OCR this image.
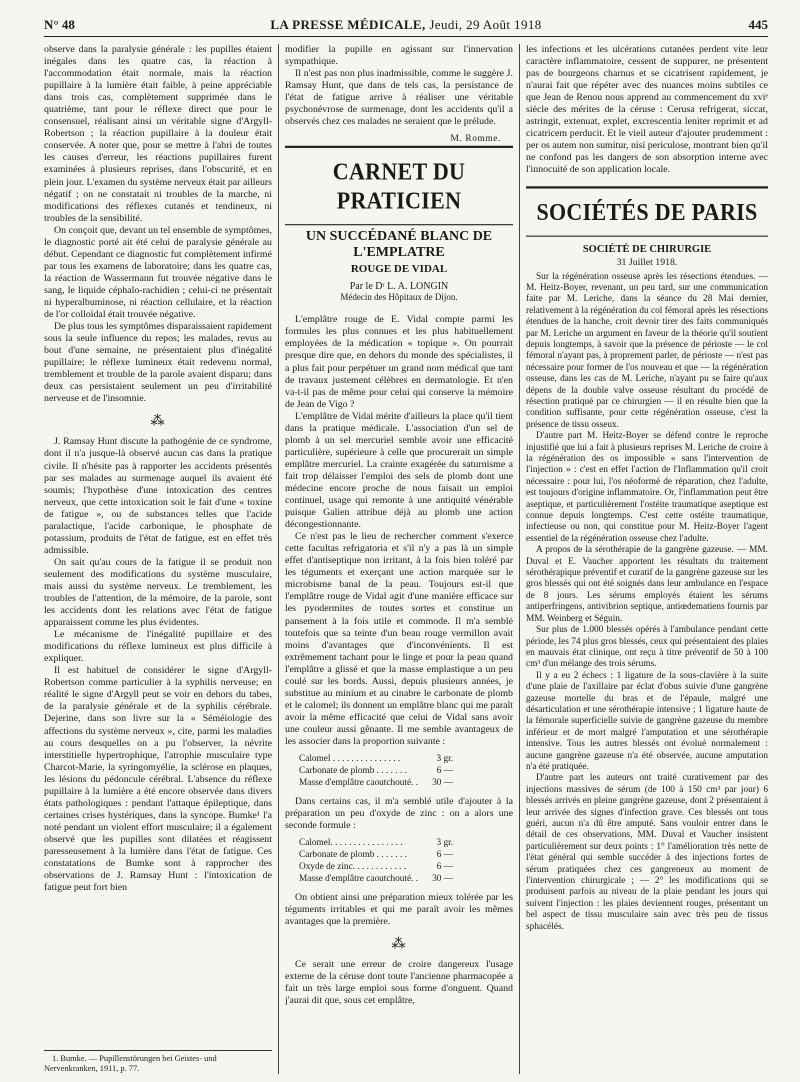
N° 48	LA PRESSE MÉDICALE, Jeudi, 29 Août 1918	445

observe dans la paralysie générale : les pupilles étaient inégales dans les quatre cas, la réaction à l'accommodation était normale, mais la réaction pupillaire à la lumière était faible, à peine appréciable dans trois cas, complètement supprimée dans le quatrième, tant pour le réflexe direct que pour le consensuel, réalisant ainsi un véritable signe d'Argyll-Robertson ; la réaction pupillaire à la douleur était conservée. A noter que, pour se mettre à l'abri de toutes les causes d'erreur, les réactions pupillaires furent examinées à plusieurs reprises, dans l'obscurité, et en plein jour. L'examen du système nerveux était par ailleurs négatif ; on ne constatait ni troubles de la marche, ni modifications des réflexes cutanés et tendineux, ni troubles de la sensibilité.

On conçoit que, devant un tel ensemble de symptômes, le diagnostic porté ait été celui de paralysie générale au début. Cependant ce diagnostic fut complètement infirmé par tous les examens de laboratoire; dans les quatre cas, la réaction de Wassermann fut trouvée négative dans le sang, le liquide céphalo-rachidien ; celui-ci ne présentait ni hyperalbuminose, ni réaction cellulaire, et la réaction de l'or colloïdal était trouvée négative.

De plus tous les symptômes disparaissaient rapidement sous la seule influence du repos; les malades, revus au bout d'une semaine, ne présentaient plus d'inégalité pupillaire; le réflexe lumineux était redevenu normal, tremblement et trouble de la parole avaient disparu; dans deux cas persistaient seulement un peu d'irritabilité nerveuse et de l'insomnie.

⁂

J. Ramsay Hunt discute la pathogénie de ce syndrome, dont il n'a jusque-là observé aucun cas dans la pratique civile. Il n'hésite pas à rapporter les accidents présentés par ses malades au surmenage auquel ils avaient été soumis; l'hypothèse d'une intoxication des centres nerveux, que cette intoxication soit le fait d'une « toxine de fatigue », ou de substances telles que l'acide paralactique, l'acide carbonique, le phosphate de potassium, produits de l'état de fatigue, est en effet très admissible.

On sait qu'au cours de la fatigue il se produit non seulement des modifications du système musculaire, mais aussi du système nerveux. Le tremblement, les troubles de l'attention, de la mémoire, de la parole, sont les accidents dont les relations avec l'état de fatigue apparaissent comme les plus évidentes.

Le mécanisme de l'inégalité pupillaire et des modifications du réflexe lumineux est plus difficile à expliquer.

Il est habituel de considérer le signe d'Argyll-Robertson comme particulier à la syphilis nerveuse; en réalité le signe d'Argyll peut se voir en dehors du tabes, de la paralysie générale et de la syphilis cérébrale. Dejerine, dans son livre sur la « Séméiologie des affections du système nerveux », cite, parmi les maladies au cours desquelles on a pu l'observer, la névrite interstitielle hypertrophique, l'atrophie musculaire type Charcot-Marie, la syringomyélie, la sclérose en plaques, les lésions du pédoncule cérébral. L'absence du réflexe pupillaire à la lumière a été encore observée dans divers états pathologiques : pendant l'attaque épileptique, dans certaines crises hystériques, dans la syncope. Bumke¹ l'a noté pendant un violent effort musculaire; il a également observé que les pupilles sont dilatées et réagissent paresseusement à la lumière dans l'état de fatigue. Ces constatations de Bumke sont à rapprocher des observations de J. Ramsay Hunt : l'intoxication de fatigue peut fort bien

1. Bumke. — Pupillenstörungen bei Geistes- und Nervenkranken, 1911, p. 77.

modifier la pupille en agissant sur l'innervation sympathique.

Il n'est pas non plus inadmissible, comme le suggère J. Ramsay Hunt, que dans de tels cas, la persistance de l'état de fatigue arrive à réaliser une véritable psychonévrose de surmenage, dont les accidents qu'il a observés chez ces malades ne seraient que le prélude.

M. Romme.
CARNET DU PRATICIEN
UN SUCCÉDANÉ BLANC DE L'EMPLATRE
ROUGE DE VIDAL
Par le Dʳ L. A. LONGIN
Médecin des Hôpitaux de Dijon.

L'emplâtre rouge de E. Vidal compte parmi les formules les plus connues et les plus habituellement employées de la médication « topique ». On pourrait presque dire que, en dehors du monde des spécialistes, il a plus fait pour perpétuer un grand nom médical que tant de travaux justement célèbres en dermatologie. Et n'en va-t-il pas de même pour celui qui conserve la mémoire de Jean de Vigo ?

L'emplâtre de Vidal mérite d'ailleurs la place qu'il tient dans la pratique médicale. L'association d'un sel de plomb à un sel mercuriel semble avoir une efficacité particulière, supérieure à celle que procurerait un simple emplâtre mercuriel. La crainte exagérée du saturnisme a fait trop délaisser l'emploi des sels de plomb dont une médecine encore proche de nous faisait un emploi continuel, usage qui remonte à une antiquité vénérable puisque Galien attribue déjà au plomb une action décongestionnante.

Ce n'est pas le lieu de rechercher comment s'exerce cette facultas refrigatoria et s'il n'y a pas là un simple effet d'antiseptique non irritant, à la fois bien toléré par les téguments et exerçant une action marquée sur le microbisme banal de la peau. Toujours est-il que l'emplâtre rouge de Vidal agit d'une manière efficace sur les pyodermites de toutes sortes et constitue un pansement à la fois utile et commode. Il m'a semblé toutefois que sa teinte d'un beau rouge vermillon avait moins d'avantages que d'inconvénients. Il est extrêmement tachant pour le linge et pour la peau quand l'emplâtre a glissé et que la masse emplastique a un peu coulé sur les bords. Aussi, depuis plusieurs années, je substitue au minium et au cinabre le carbonate de plomb et le calomel; ils donnent un emplâtre blanc qui me paraît avoir la même efficacité que celui de Vidal sans avoir une couleur aussi gênante. Il me semble avantageux de les associer dans la proportion suivante :

Calomel . . . . . . . . . . . . . . .	3 gr.
Carbonate de plomb . . . . . . .	6 —
Masse d'emplâtre caoutchouté. .	30 —

Dans certains cas, il m'a semblé utile d'ajouter à la préparation un peu d'oxyde de zinc : on a alors une seconde formule :

Calomel. . . . . . . . . . . . . . . .	3 gr.
Carbonate de plomb . . . . . . .	6 —
Oxyde de zinc. . . . . . . . . . . .	6 —
Masse d'emplâtre caoutchouté. .	30 —

On obtient ainsi une préparation mieux tolérée par les téguments irritables et qui me paraît avoir les mêmes avantages que la première.

⁂

Ce serait une erreur de croire dangereux l'usage externe de la céruse dont toute l'ancienne pharmacopée a fait un très large emploi sous forme d'onguent. Quand j'aurai dit que, sous cet emplâtre,

les infections et les ulcérations cutanées perdent vite leur caractère inflammatoire, cessent de suppurer, ne présentent pas de bourgeons charnus et se cicatrisent rapidement, je n'aurai fait que répéter avec des nuances moins subtiles ce que Jean de Renou nous apprend au commencement du xviᵉ siècle des mérites de la céruse : Cerusa refrigerat, siccat, astringit, extenuat, explet, excrescentia leniter reprimit et ad cicatricem perducit. Et le vieil auteur d'ajouter prudemment : per os autem non sumitur, nisi periculose, montrant bien qu'il ne confond pas les dangers de son absorption interne avec l'innocuité de son application locale.

SOCIÉTÉS DE PARIS
SOCIÉTÉ DE CHIRURGIE
31 Juillet 1918.

Sur la régénération osseuse après les résections étendues. — M. Heitz-Boyer, revenant, un peu tard, sur une communication faite par M. Leriche, dans la séance du 28 Mai dernier, relativement à la régénération du col fémoral après les résections étendues de la hanche, croit devoir tirer des faits communiqués par M. Leriche un argument en faveur de la théorie qu'il soutient depuis longtemps, à savoir que la présence de périoste — le col fémoral n'ayant pas, à proprement parler, de périoste — n'est pas nécessaire pour former de l'os nouveau et que — la régénération osseuse, dans les cas de M. Leriche, n'ayant pu se faire qu'aux dépens de la double valve osseuse résultant du procédé de résection pratiqué par ce chirurgien — il en résulte bien que la condition suffisante, pour cette régénération osseuse, c'est la présence de tissu osseux.

D'autre part M. Heitz-Boyer se défend contre le reproche injustifié que lui a fait à plusieurs reprises M. Leriche de croire à la régénération des os impossible « sans l'intervention de l'injection » : c'est en effet l'action de l'Inflammation qu'il croit nécessaire : pour lui, l'os néoformé de réparation, chez l'adulte, est toujours d'origine inflammatoire. Or, l'inflammation peut être aseptique, et particulièrement l'ostéite traumatique aseptique est connue depuis longtemps. C'est cette ostéite traumatique, infectieuse ou non, qui constitue pour M. Heitz-Boyer l'agent essentiel de la régénération osseuse chez l'adulte.

A propos de la sérothérapie de la gangrène gazeuse. — MM. Duval et E. Vaucher apportent les résultats du traitement sérothérapique préventif et curatif de la gangrène gazeuse sur les gros blessés qui ont été soignés dans leur ambulance en l'espace de 8 jours. Les sérums employés étaient les sérums antiperfringens, antivibrion septique, antiœdematiens fournis par MM. Weinberg et Séguin.

Sur plus de 1.000 blessés opérés à l'ambulance pendant cette période, les 74 plus gros blessés, ceux qui présentaient des plaies en mauvais état clinique, ont reçu à titre préventif de 50 à 100 cm³ d'un mélange des trois sérums.

Il y a eu 2 échecs : 1 ligature de la sous-clavière à la suite d'une plaie de l'axillaire par éclat d'obus suivie d'une gangrène gazeuse mortelle du bras et de l'épaule, malgré une désarticulation et une sérothérapie intensive ; 1 ligature haute de la fémorale superficielle suivie de gangrène gazeuse du membre inférieur et de mort malgré l'amputation et une sérothérapie intensive. Tous les autres blessés ont évolué normalement : aucune gangrène gazeuse n'a été observée, aucune amputation n'a été pratiquée.

D'autre part les auteurs ont traité curativement par des injections massives de sérum (de 100 à 150 cm³ par jour) 6 blessés arrivés en pleine gangrène gazeuse, dont 2 présentaient à leur arrivée des signes d'infection grave. Ces blessés ont tous guéri, aucun n'a dû être amputé. Sans vouloir entrer dans le détail de ces observations, MM. Duval et Vaucher insistent particulièrement sur deux points : 1° l'amélioration très nette de l'état général qui semble succéder à des injections fortes de sérum pratiquées chez ces gangreneux au moment de l'intervention chirurgicale ; — 2° les modifications qui se produisent parfois au niveau de la plaie pendant les jours qui suivent l'injection : les plaies deviennent rouges, présentant un bel aspect de tissu musculaire sain avec très peu de tissus sphacélés.
